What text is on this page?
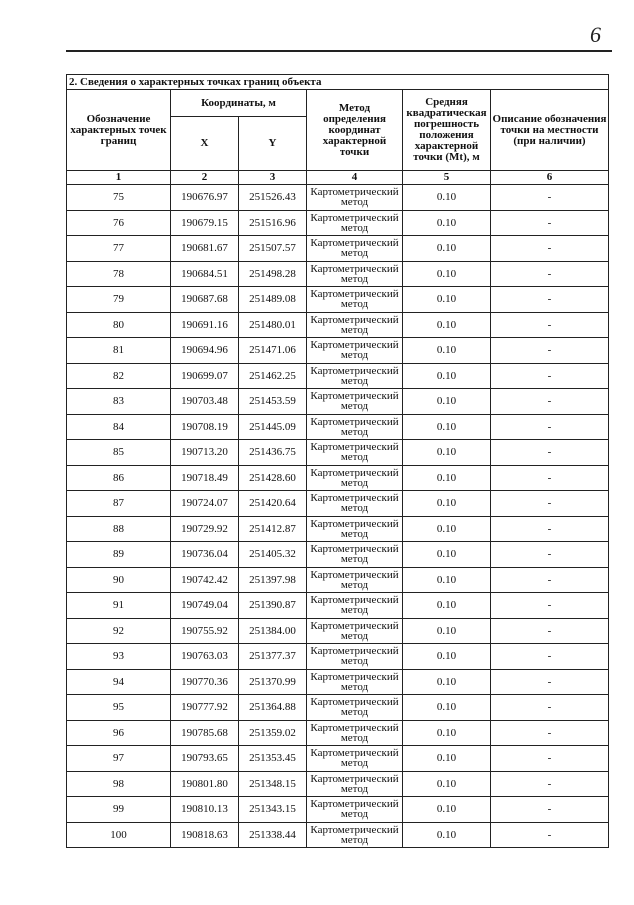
6
2. Сведения о характерных точках границ объекта					
Обозначение характерных точек границ	Координаты, м		Метод определения координат характерной точки	Средняя квадратическая погрешность положения характерной точки (Mt), м	Описание обозначения точки на местности (при наличии)
	X	Y			
1	2	3	4	5	6
75	190676.97	251526.43	Картометрический метод	0.10	-
76	190679.15	251516.96	Картометрический метод	0.10	-
77	190681.67	251507.57	Картометрический метод	0.10	-
78	190684.51	251498.28	Картометрический метод	0.10	-
79	190687.68	251489.08	Картометрический метод	0.10	-
80	190691.16	251480.01	Картометрический метод	0.10	-
81	190694.96	251471.06	Картометрический метод	0.10	-
82	190699.07	251462.25	Картометрический метод	0.10	-
83	190703.48	251453.59	Картометрический метод	0.10	-
84	190708.19	251445.09	Картометрический метод	0.10	-
85	190713.20	251436.75	Картометрический метод	0.10	-
86	190718.49	251428.60	Картометрический метод	0.10	-
87	190724.07	251420.64	Картометрический метод	0.10	-
88	190729.92	251412.87	Картометрический метод	0.10	-
89	190736.04	251405.32	Картометрический метод	0.10	-
90	190742.42	251397.98	Картометрический метод	0.10	-
91	190749.04	251390.87	Картометрический метод	0.10	-
92	190755.92	251384.00	Картометрический метод	0.10	-
93	190763.03	251377.37	Картометрический метод	0.10	-
94	190770.36	251370.99	Картометрический метод	0.10	-
95	190777.92	251364.88	Картометрический метод	0.10	-
96	190785.68	251359.02	Картометрический метод	0.10	-
97	190793.65	251353.45	Картометрический метод	0.10	-
98	190801.80	251348.15	Картометрический метод	0.10	-
99	190810.13	251343.15	Картометрический метод	0.10	-
100	190818.63	251338.44	Картометрический метод	0.10	-
